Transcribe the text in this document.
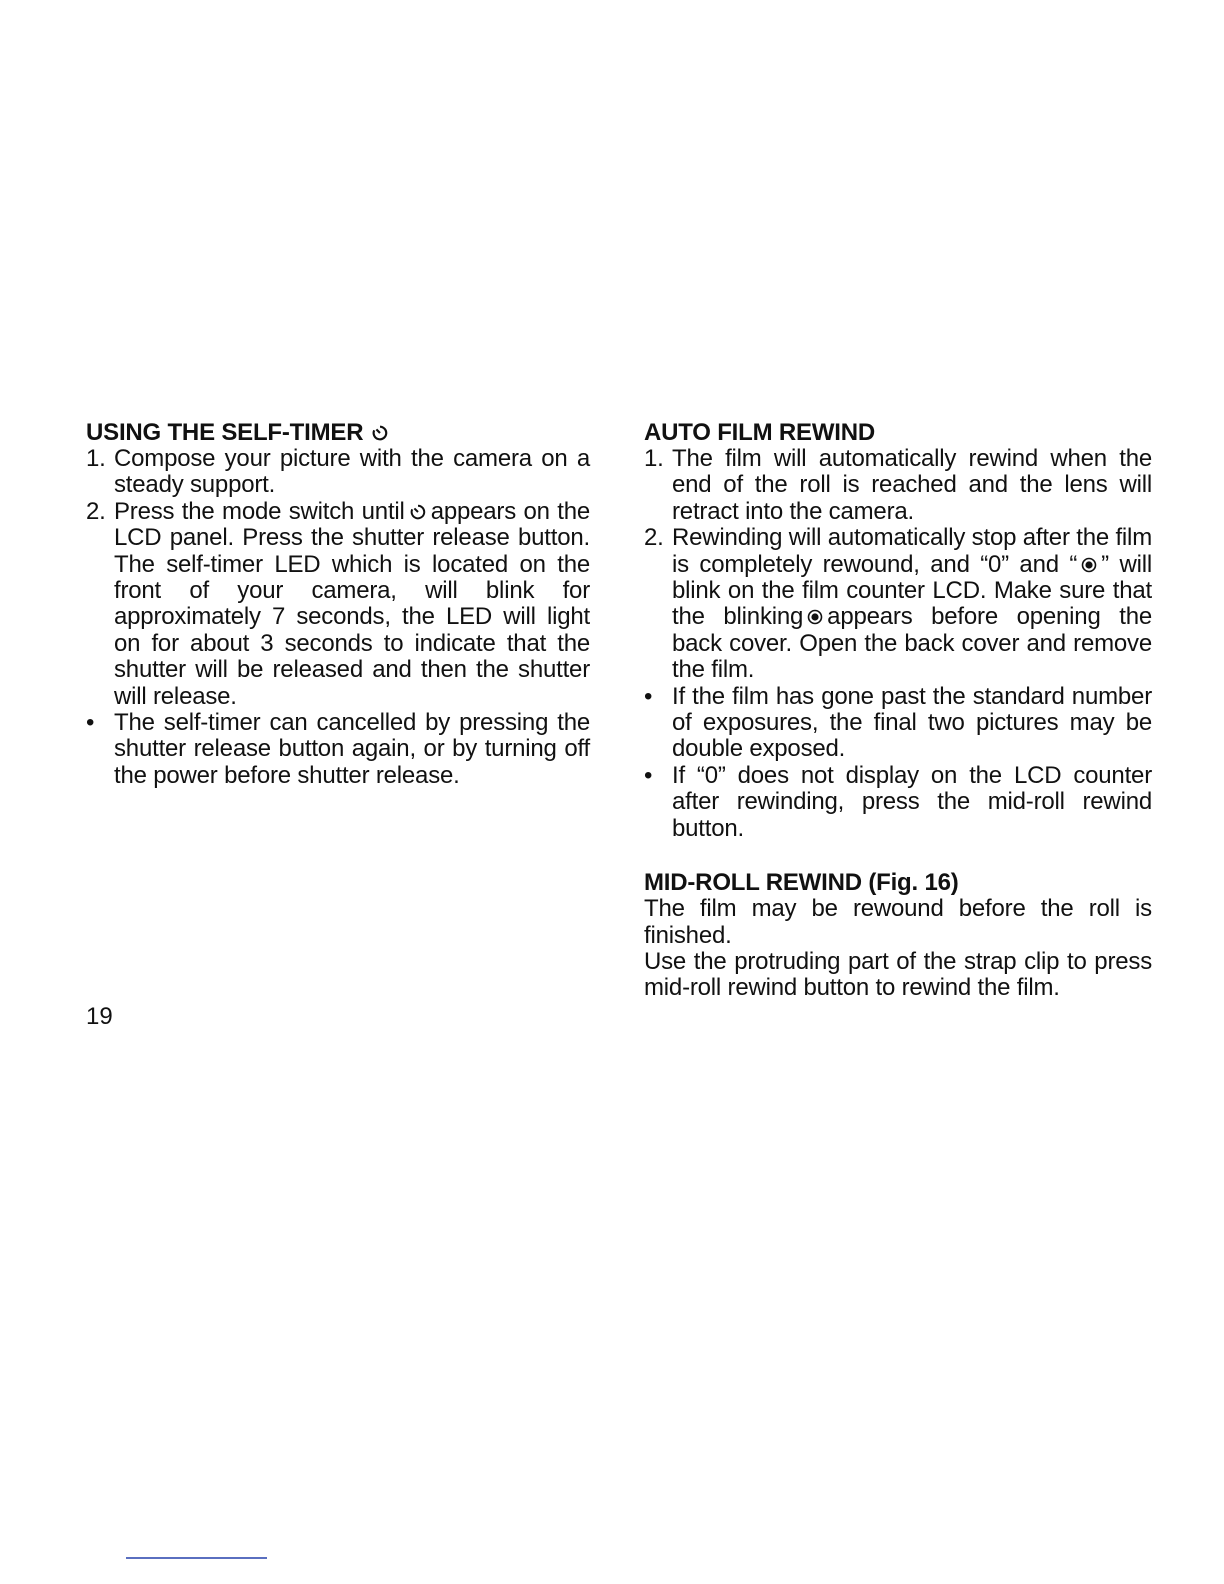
USING THE SELF-TIMER

1. Compose your picture with the camera on a steady support.

2. Press the mode switch until appears on the LCD panel. Press the shutter release button. The self-timer LED which is located on the front of your camera, will blink for approximately 7 seconds, the LED will light on for about 3 seconds to indicate that the shutter will be released and then the shutter will release.

• The self-timer can cancelled by pressing the shutter release button again, or by turning off the power before shutter release.

AUTO FILM REWIND

1. The film will automatically rewind when the end of the roll is reached and the lens will retract into the camera.

2. Rewinding will automatically stop after the film is completely rewound, and “0” and “ ” will blink on the film counter LCD. Make sure that the blinking appears before opening the back cover. Open the back cover and remove the film.

• If the film has gone past the standard number of exposures, the final two pictures may be double exposed.

• If “0” does not display on the LCD counter after rewinding, press the mid-roll rewind button.

MID-ROLL REWIND (Fig. 16)

The film may be rewound before the roll is finished.

Use the protruding part of the strap clip to press mid-roll rewind button to rewind the film.

19
